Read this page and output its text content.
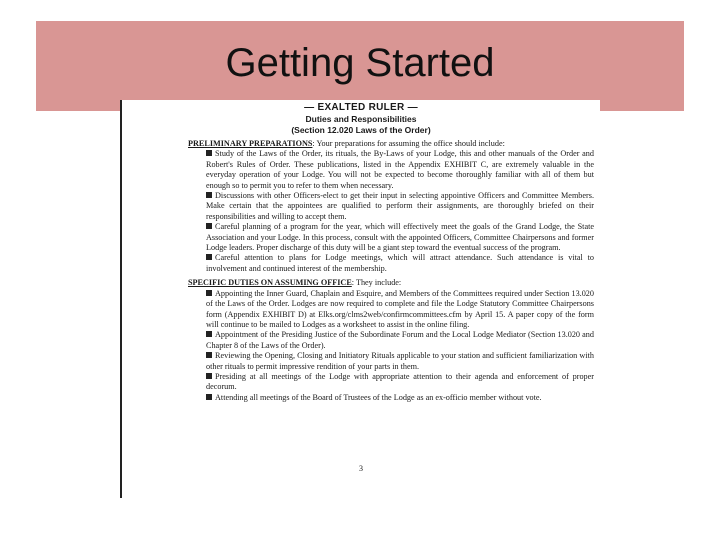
Getting Started
— EXALTED RULER —
Duties and Responsibilities
(Section 12.020 Laws of the Order)
PRELIMINARY PREPARATIONS: Your preparations for assuming the office should include:
Study of the Laws of the Order, its rituals, the By-Laws of your Lodge, this and other manuals of the Order and Robert's Rules of Order. These publications, listed in the Appendix EXHIBIT C, are extremely valuable in the everyday operation of your Lodge. You will not be expected to become thoroughly familiar with all of them but enough so to permit you to refer to them when necessary.
Discussions with other Officers-elect to get their input in selecting appointive Officers and Committee Members. Make certain that the appointees are qualified to perform their assignments, are thoroughly briefed on their responsibilities and willing to accept them.
Careful planning of a program for the year, which will effectively meet the goals of the Grand Lodge, the State Association and your Lodge. In this process, consult with the appointed Officers, Committee Chairpersons and former Lodge leaders. Proper discharge of this duty will be a giant step toward the eventual success of the program.
Careful attention to plans for Lodge meetings, which will attract attendance. Such attendance is vital to involvement and continued interest of the membership.
SPECIFIC DUTIES ON ASSUMING OFFICE: They include:
Appointing the Inner Guard, Chaplain and Esquire, and Members of the Committees required under Section 13.020 of the Laws of the Order. Lodges are now required to complete and file the Lodge Statutory Committee Chairpersons form (Appendix EXHIBIT D) at Elks.org/clms2web/confirmcommittees.cfm by April 15. A paper copy of the form will continue to be mailed to Lodges as a worksheet to assist in the online filing.
Appointment of the Presiding Justice of the Subordinate Forum and the Local Lodge Mediator (Section 13.020 and Chapter 8 of the Laws of the Order).
Reviewing the Opening, Closing and Initiatory Rituals applicable to your station and sufficient familiarization with other rituals to permit impressive rendition of your parts in them.
Presiding at all meetings of the Lodge with appropriate attention to their agenda and enforcement of proper decorum.
Attending all meetings of the Board of Trustees of the Lodge as an ex-officio member without vote.
3
